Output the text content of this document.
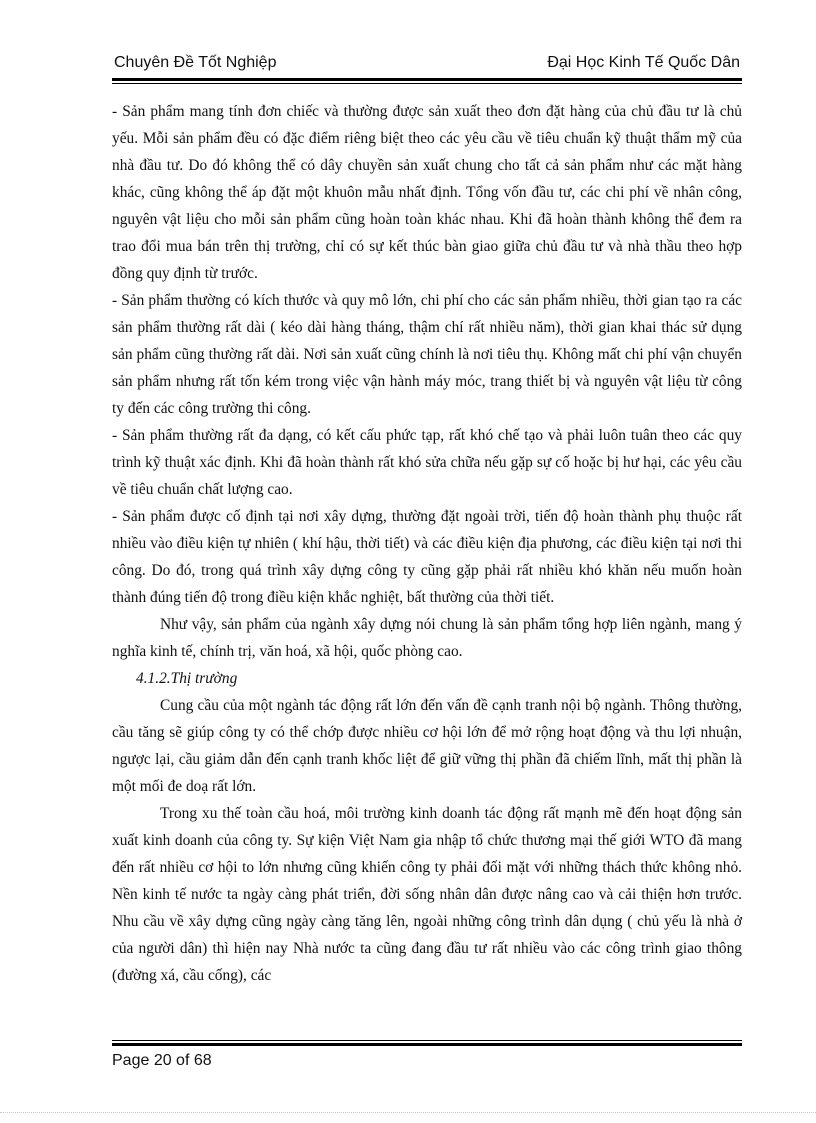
Chuyên Đề Tốt Nghiệp	Đại Học Kinh Tế Quốc Dân

- Sản phẩm mang tính đơn chiếc và thường được sản xuất theo đơn đặt hàng của chủ đầu tư là chủ yếu. Mỗi sản phẩm đều có đặc điểm riêng biệt theo các yêu cầu về tiêu chuẩn kỹ thuật thẩm mỹ của nhà đầu tư. Do đó không thể có dây chuyền sản xuất chung cho tất cả sản phẩm như các mặt hàng khác, cũng không thể áp đặt một khuôn mẫu nhất định. Tổng vốn đầu tư, các chi phí về nhân công, nguyên vật liệu cho mỗi sản phẩm cũng hoàn toàn khác nhau. Khi đã hoàn thành không thể đem ra trao đổi mua bán trên thị trường, chỉ có sự kết thúc bàn giao giữa chủ đầu tư và nhà thầu theo hợp đồng quy định từ trước.

- Sản phẩm thường có kích thước và quy mô lớn, chi phí cho các sản phẩm nhiều, thời gian tạo ra các sản phẩm thường rất dài ( kéo dài hàng tháng, thậm chí rất nhiều năm), thời gian khai thác sử dụng sản phẩm cũng thường rất dài. Nơi sản xuất cũng chính là nơi tiêu thụ. Không mất chi phí vận chuyển sản phẩm nhưng rất tốn kém trong việc vận hành máy móc, trang thiết bị và nguyên vật liệu từ công ty đến các công trường thi công.

- Sản phẩm thường rất đa dạng, có kết cấu phức tạp, rất khó chế tạo và phải luôn tuân theo các quy trình kỹ thuật xác định. Khi đã hoàn thành rất khó sửa chữa nếu gặp sự cố hoặc bị hư hại, các yêu cầu về tiêu chuẩn chất lượng cao.

- Sản phẩm được cố định tại nơi xây dựng, thường đặt ngoài trời, tiến độ hoàn thành phụ thuộc rất nhiều vào điều kiện tự nhiên ( khí hậu, thời tiết) và các điều kiện địa phương, các điều kiện tại nơi thi công. Do đó, trong quá trình xây dựng công ty cũng gặp phải rất nhiều khó khăn nếu muốn hoàn thành đúng tiến độ trong điều kiện khắc nghiệt, bất thường của thời tiết.

Như vậy, sản phẩm của ngành xây dựng nói chung là sản phẩm tổng hợp liên ngành, mang ý nghĩa kinh tế, chính trị, văn hoá, xã hội, quốc phòng cao.

4.1.2.Thị trường

Cung cầu của một ngành tác động rất lớn đến vấn đề cạnh tranh nội bộ ngành. Thông thường, cầu tăng sẽ giúp công ty có thể chớp được nhiều cơ hội lớn để mở rộng hoạt động và thu lợi nhuận, ngược lại, cầu giảm dẫn đến cạnh tranh khốc liệt để giữ vững thị phần đã chiếm lĩnh, mất thị phần là một mối đe doạ rất lớn.

Trong xu thế toàn cầu hoá, môi trường kinh doanh tác động rất mạnh mẽ đến hoạt động sản xuất kinh doanh của công ty. Sự kiện Việt Nam gia nhập tổ chức thương mại thế giới WTO đã mang đến rất nhiều cơ hội to lớn nhưng cũng khiến công ty phải đối mặt với những thách thức không nhỏ. Nền kinh tế nước ta ngày càng phát triển, đời sống nhân dân được nâng cao và cải thiện hơn trước. Nhu cầu về xây dựng cũng ngày càng tăng lên, ngoài những công trình dân dụng ( chủ yếu là nhà ở của người dân) thì hiện nay Nhà nước ta cũng đang đầu tư rất nhiều vào các công trình giao thông (đường xá, cầu cống), các

Page 20 of 68
